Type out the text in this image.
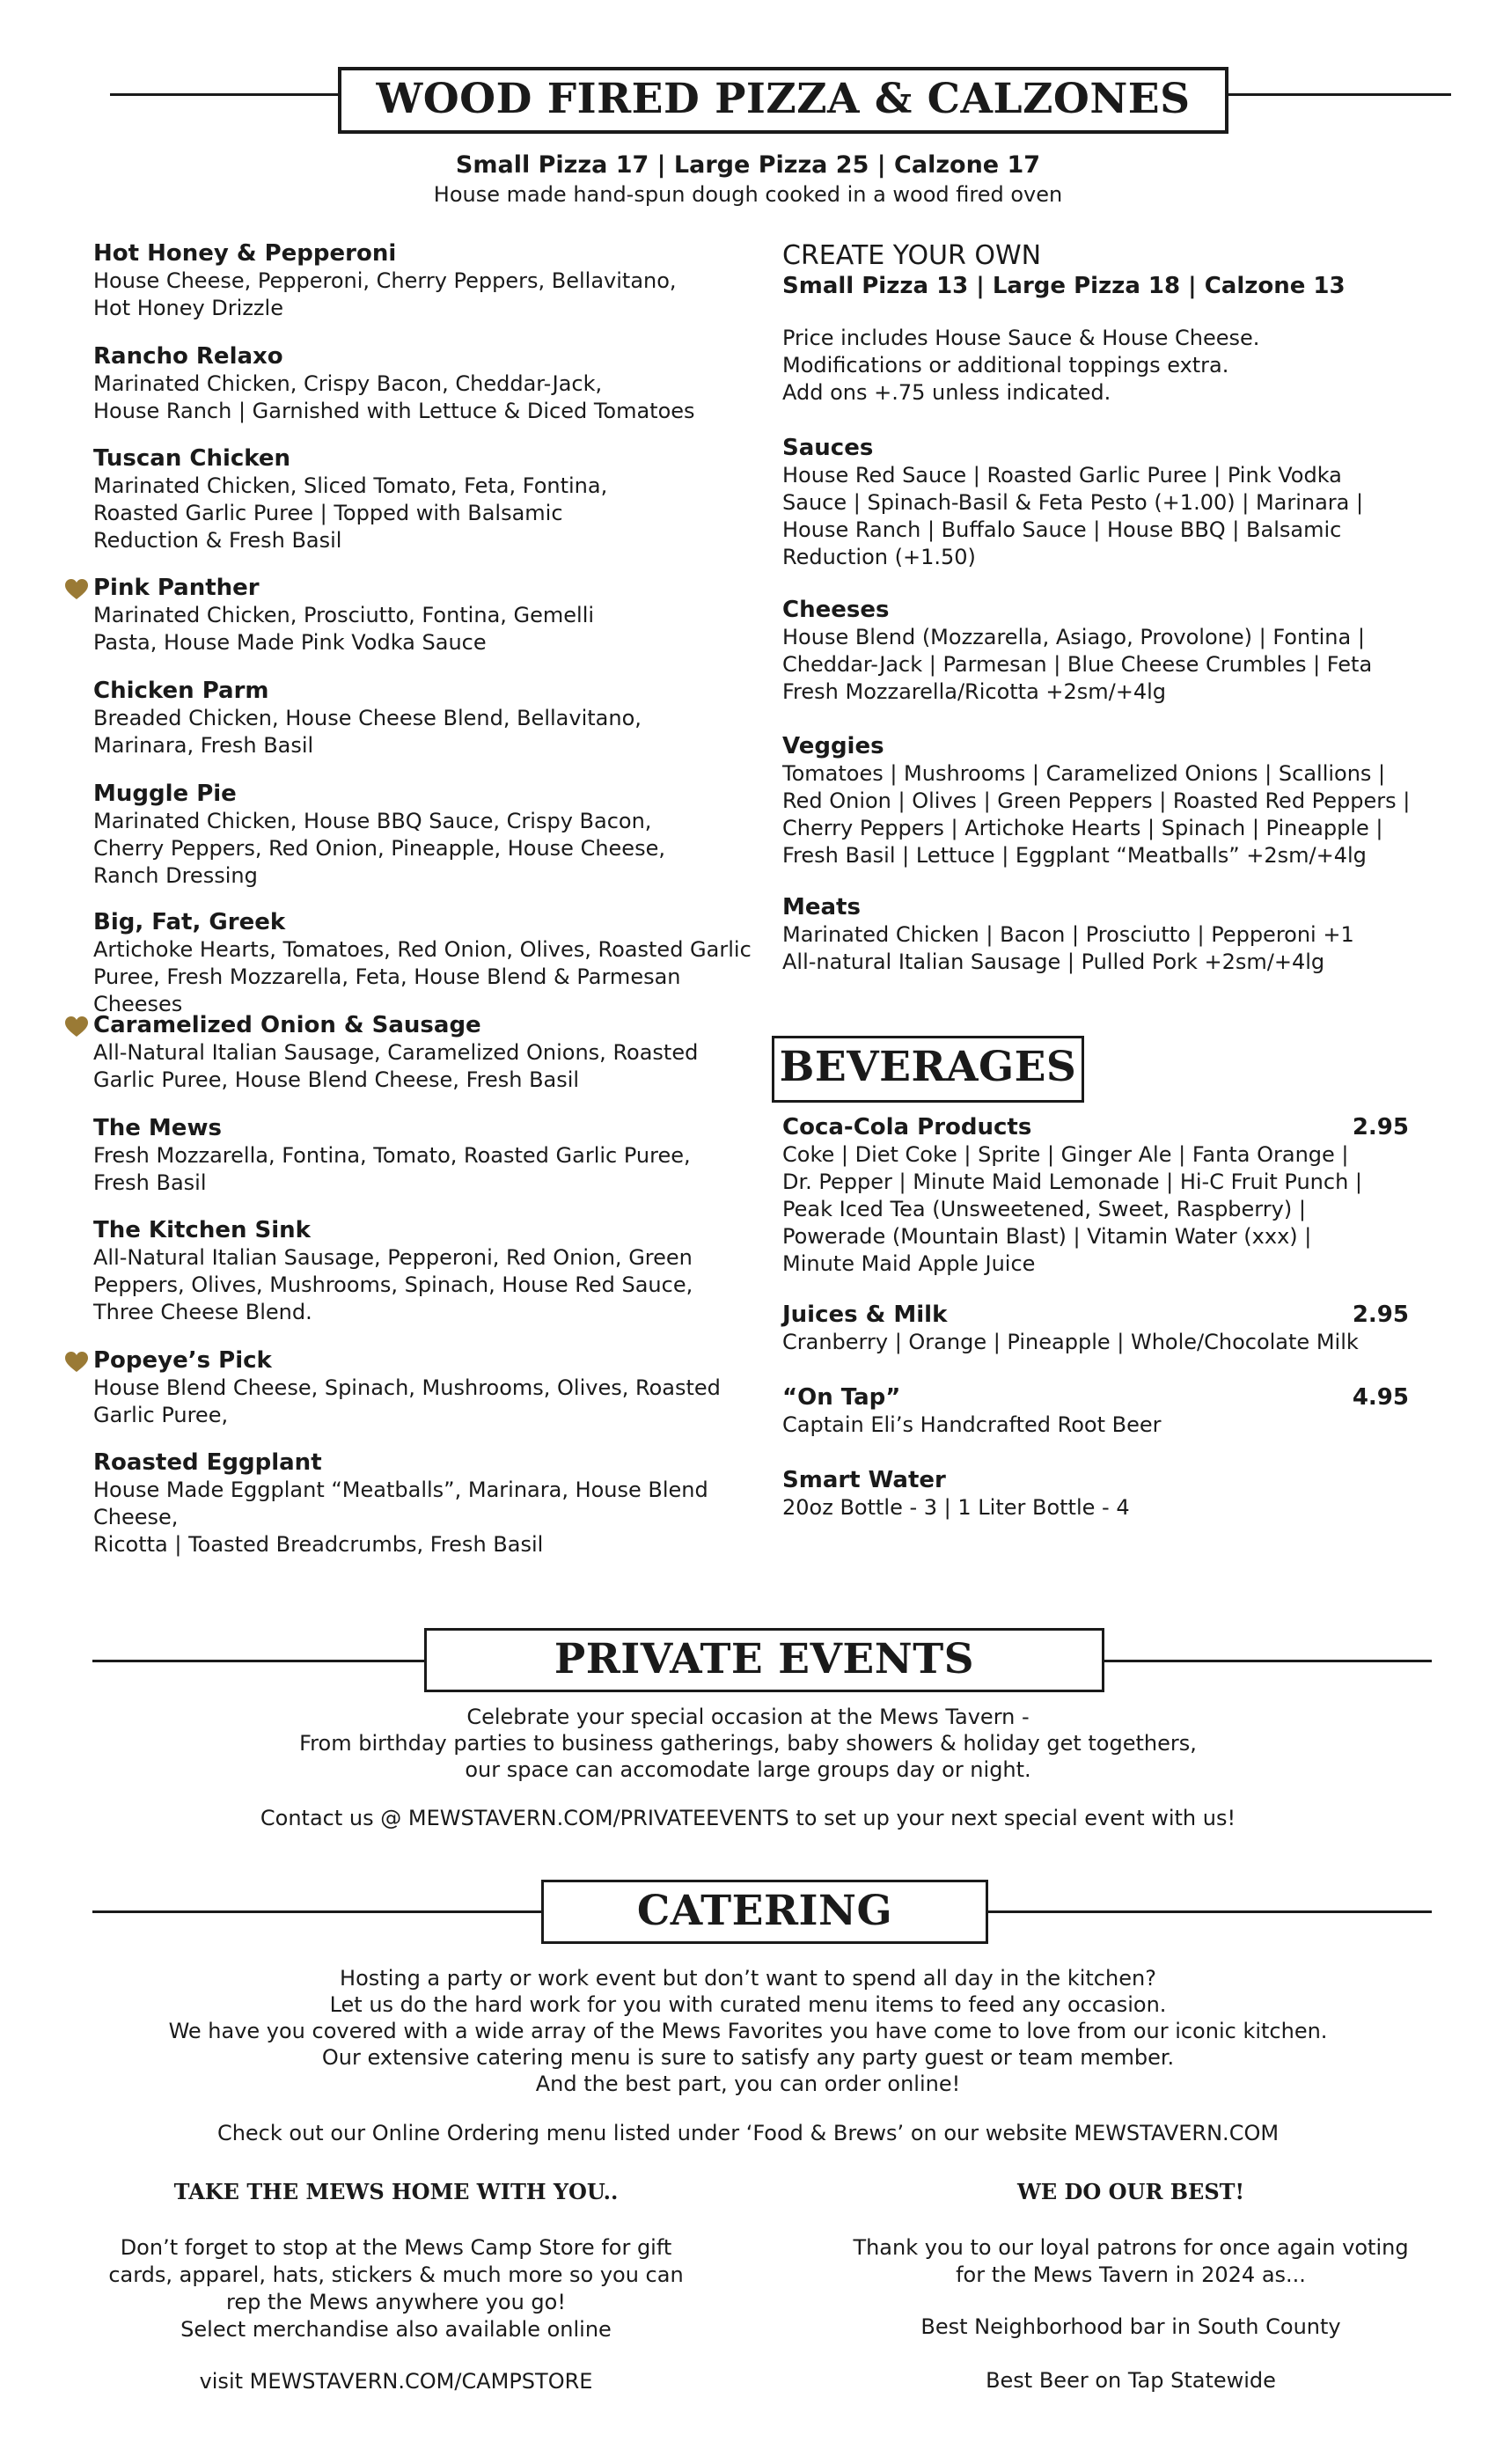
WOOD FIRED PIZZA & CALZONES
Small Pizza 17 | Large Pizza 25 | Calzone 17
House made hand-spun dough cooked in a wood fired oven
Hot Honey & Pepperoni
House Cheese, Pepperoni, Cherry Peppers, Bellavitano,
Hot Honey Drizzle
Rancho Relaxo
Marinated Chicken, Crispy Bacon, Cheddar-Jack,
House Ranch | Garnished with Lettuce & Diced Tomatoes
Tuscan Chicken
Marinated Chicken, Sliced Tomato, Feta, Fontina,
Roasted Garlic Puree | Topped with Balsamic
Reduction & Fresh Basil
Pink Panther
Marinated Chicken, Prosciutto, Fontina, Gemelli
Pasta, House Made Pink Vodka Sauce
Chicken Parm
Breaded Chicken, House Cheese Blend, Bellavitano,
Marinara, Fresh Basil
Muggle Pie
Marinated Chicken, House BBQ Sauce, Crispy Bacon,
Cherry Peppers, Red Onion, Pineapple, House Cheese,
Ranch Dressing
Big, Fat, Greek
Artichoke Hearts, Tomatoes, Red Onion, Olives, Roasted Garlic
Puree, Fresh Mozzarella, Feta, House Blend & Parmesan Cheeses
Caramelized Onion & Sausage
All-Natural Italian Sausage, Caramelized Onions, Roasted
Garlic Puree, House Blend Cheese, Fresh Basil
The Mews
Fresh Mozzarella, Fontina, Tomato, Roasted Garlic Puree,
Fresh Basil
The Kitchen Sink
All-Natural Italian Sausage, Pepperoni, Red Onion, Green
Peppers, Olives, Mushrooms, Spinach, House Red Sauce,
Three Cheese Blend.
Popeye’s Pick
House Blend Cheese, Spinach, Mushrooms, Olives, Roasted
Garlic Puree,
Roasted Eggplant
House Made Eggplant “Meatballs”, Marinara, House Blend Cheese,
Ricotta | Toasted Breadcrumbs, Fresh Basil
CREATE YOUR OWN
Small Pizza 13 | Large Pizza 18 | Calzone 13
Price includes House Sauce & House Cheese.
Modifications or additional toppings extra.
Add ons +.75 unless indicated.
Sauces
House Red Sauce | Roasted Garlic Puree | Pink Vodka
Sauce | Spinach-Basil & Feta Pesto (+1.00) | Marinara |
House Ranch | Buffalo Sauce | House BBQ | Balsamic
Reduction (+1.50)
Cheeses
House Blend (Mozzarella, Asiago, Provolone) | Fontina |
Cheddar-Jack | Parmesan | Blue Cheese Crumbles | Feta
Fresh Mozzarella/Ricotta +2sm/+4lg
Veggies
Tomatoes | Mushrooms | Caramelized Onions | Scallions |
Red Onion | Olives | Green Peppers | Roasted Red Peppers |
Cherry Peppers | Artichoke Hearts | Spinach | Pineapple |
Fresh Basil | Lettuce | Eggplant “Meatballs” +2sm/+4lg
Meats
Marinated Chicken | Bacon | Prosciutto | Pepperoni +1
All-natural Italian Sausage | Pulled Pork +2sm/+4lg
BEVERAGES
Coca-Cola Products	2.95
Coke | Diet Coke | Sprite | Ginger Ale | Fanta Orange |
Dr. Pepper | Minute Maid Lemonade | Hi-C Fruit Punch |
Peak Iced Tea (Unsweetened, Sweet, Raspberry) |
Powerade (Mountain Blast) | Vitamin Water (xxx) |
Minute Maid Apple Juice
Juices & Milk	2.95
Cranberry | Orange | Pineapple | Whole/Chocolate Milk
“On Tap”	4.95
Captain Eli’s Handcrafted Root Beer
Smart Water
20oz Bottle - 3 | 1 Liter Bottle - 4
PRIVATE EVENTS
Celebrate your special occasion at the Mews Tavern -
From birthday parties to business gatherings, baby showers & holiday get togethers,
our space can accomodate large groups day or night.
Contact us @ MEWSTAVERN.COM/PRIVATEEVENTS to set up your next special event with us!
CATERING
Hosting a party or work event but don’t want to spend all day in the kitchen?
Let us do the hard work for you with curated menu items to feed any occasion.
We have you covered with a wide array of the Mews Favorites you have come to love from our iconic kitchen.
Our extensive catering menu is sure to satisfy any party guest or team member.
And the best part, you can order online!
Check out our Online Ordering menu listed under ‘Food & Brews’ on our website MEWSTAVERN.COM
TAKE THE MEWS HOME WITH YOU..
Don’t forget to stop at the Mews Camp Store for gift
cards, apparel, hats, stickers & much more so you can
rep the Mews anywhere you go!
Select merchandise also available online
visit MEWSTAVERN.COM/CAMPSTORE
WE DO OUR BEST!
Thank you to our loyal patrons for once again voting
for the Mews Tavern in 2024 as...
Best Neighborhood bar in South County
Best Beer on Tap Statewide
